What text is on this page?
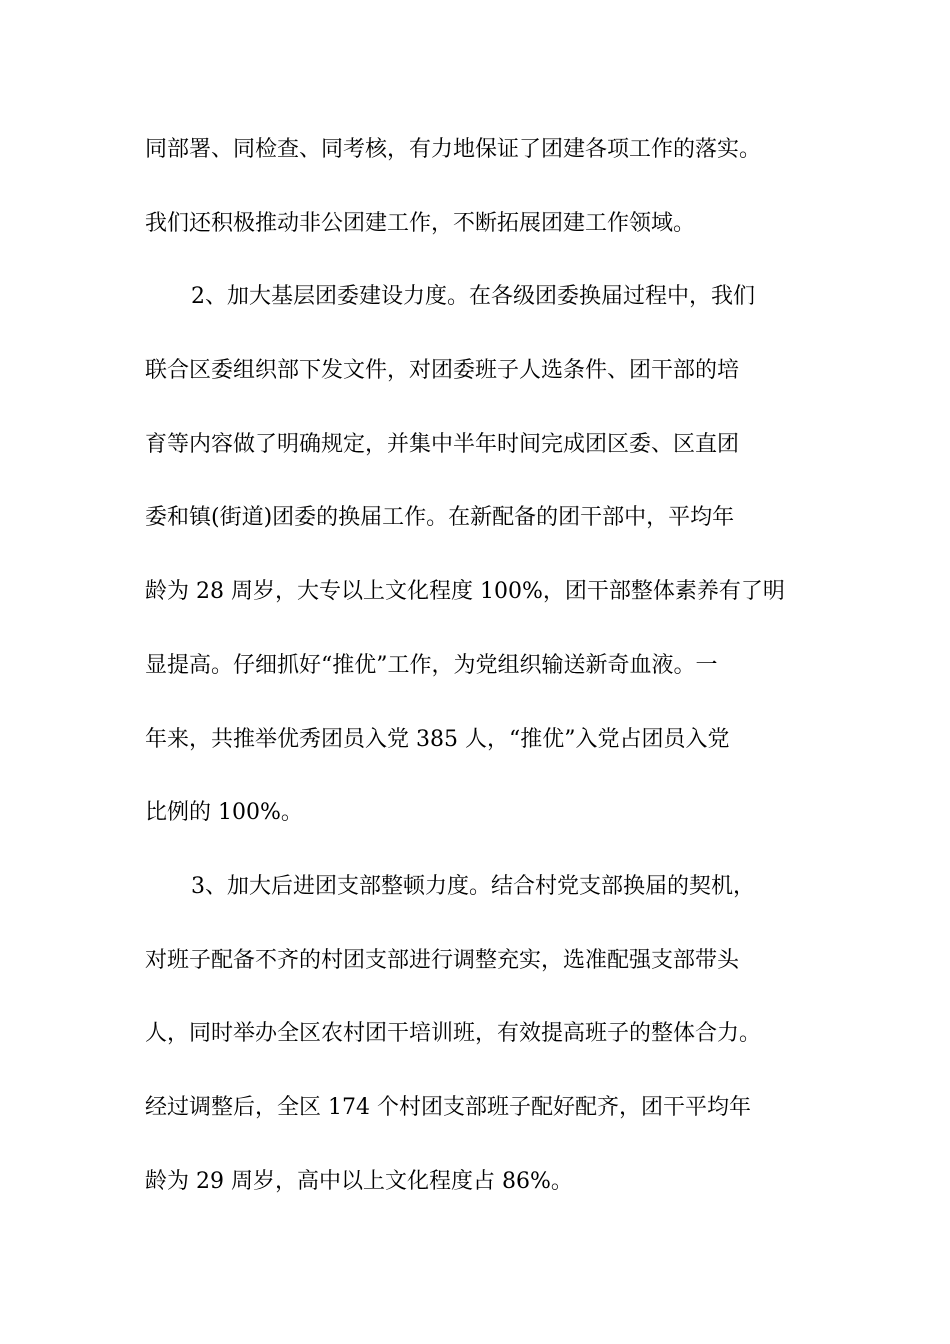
同部署、同检查、同考核，有力地保证了团建各项工作的落实。
我们还积极推动非公团建工作，不断拓展团建工作领域。
2、加大基层团委建设力度。在各级团委换届过程中，我们
联合区委组织部下发文件，对团委班子人选条件、团干部的培
育等内容做了明确规定，并集中半年时间完成团区委、区直团
委和镇(街道)团委的换届工作。在新配备的团干部中，平均年
龄为 28 周岁，大专以上文化程度 100%，团干部整体素养有了明
显提高。仔细抓好“推优”工作，为党组织输送新奇血液。一
年来，共推举优秀团员入党 385 人，“推优”入党占团员入党
比例的 100%。
3、加大后进团支部整顿力度。结合村党支部换届的契机，
对班子配备不齐的村团支部进行调整充实，选准配强支部带头
人，同时举办全区农村团干培训班，有效提高班子的整体合力。
经过调整后，全区 174 个村团支部班子配好配齐，团干平均年
龄为 29 周岁，高中以上文化程度占 86%。
